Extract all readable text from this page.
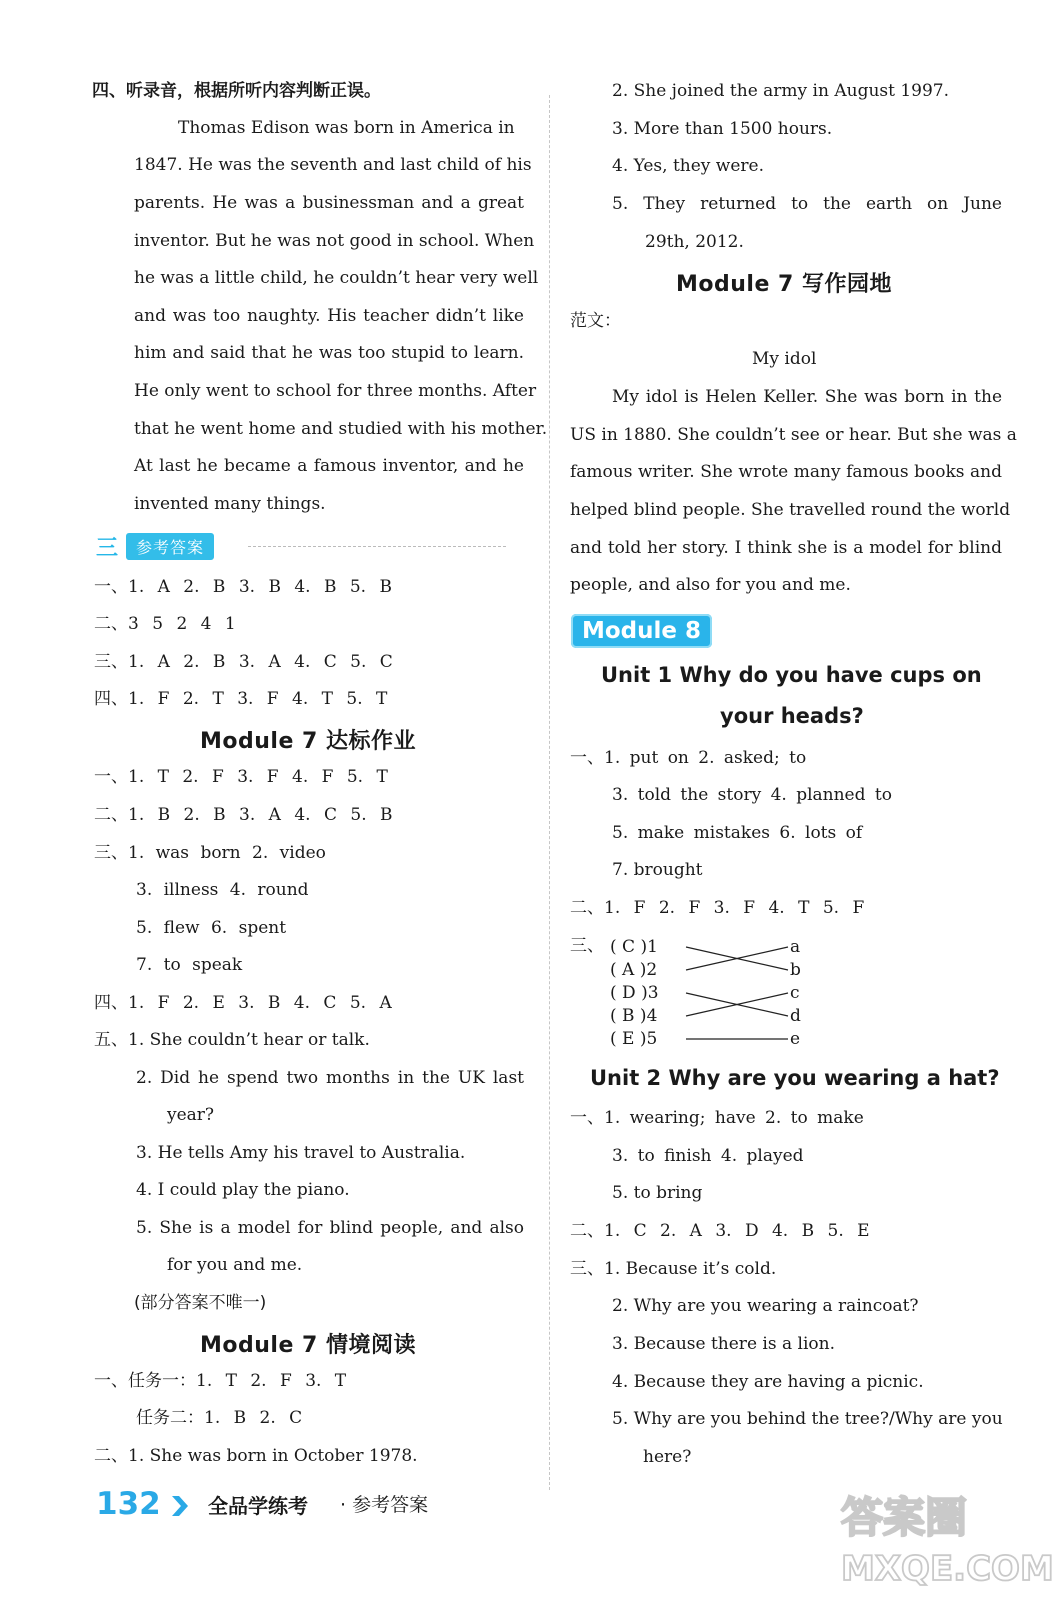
四、听录音，根据所听内容判断正误。
Thomas Edison was born in America in
1847. He was the seventh and last child of his
parents. He was a businessman and a great
inventor. But he was not good in school. When
he was a little child, he couldn’t hear very well
and was too naughty. His teacher didn’t like
him and said that he was too stupid to learn.
He only went to school for three months. After
that he went home and studied with his mother.
At last he became a famous inventor, and he
invented many things.
三	参考答案
一、1. A 2. B 3. B 4. B 5. B
二、3 5 2 4 1
三、1. A 2. B 3. A 4. C 5. C
四、1. F 2. T 3. F 4. T 5. T
Module 7 达标作业
一、1. T 2. F 3. F 4. F 5. T
二、1. B 2. B 3. A 4. C 5. B
三、1. was born 2. video
3. illness 4. round
5. flew 6. spent
7. to speak
四、1. F 2. E 3. B 4. C 5. A
五、1. She couldn’t hear or talk.
2. Did he spend two months in the UK last
year?
3. He tells Amy his travel to Australia.
4. I could play the piano.
5. She is a model for blind people, and also
for you and me.
(部分答案不唯一)
Module 7 情境阅读
一、任务一：1. T 2. F 3. T
任务二：1. B 2. C
二、1. She was born in October 1978.
2. She joined the army in August 1997.
3. More than 1500 hours.
4. Yes, they were.
5. They returned to the earth on June
29th, 2012.
Module 7 写作园地
范文：
My idol
My idol is Helen Keller. She was born in the
US in 1880. She couldn’t see or hear. But she was a
famous writer. She wrote many famous books and
helped blind people. She travelled round the world
and told her story. I think she is a model for blind
people, and also for you and me.
Module 8
Unit 1 Why do you have cups on
your heads?
一、1. put on 2. asked; to
3. told the story 4. planned to
5. make mistakes 6. lots of
7. brought
二、1. F 2. F 3. F 4. T 5. F
三、 ( C )1
( A )2
( D )3
( B )4
( E )5
a
b
c
d
e
Unit 2 Why are you wearing a hat?
一、1. wearing; have 2. to make
3. to finish 4. played
5. to bring
二、1. C 2. A 3. D 4. B 5. E
三、1. Because it’s cold.
2. Why are you wearing a raincoat?
3. Because there is a lion.
4. Because they are having a picnic.
5. Why are you behind the tree?/Why are you
here?
132 全品学练考 · 参考答案	答案圈
MXQE.COM
